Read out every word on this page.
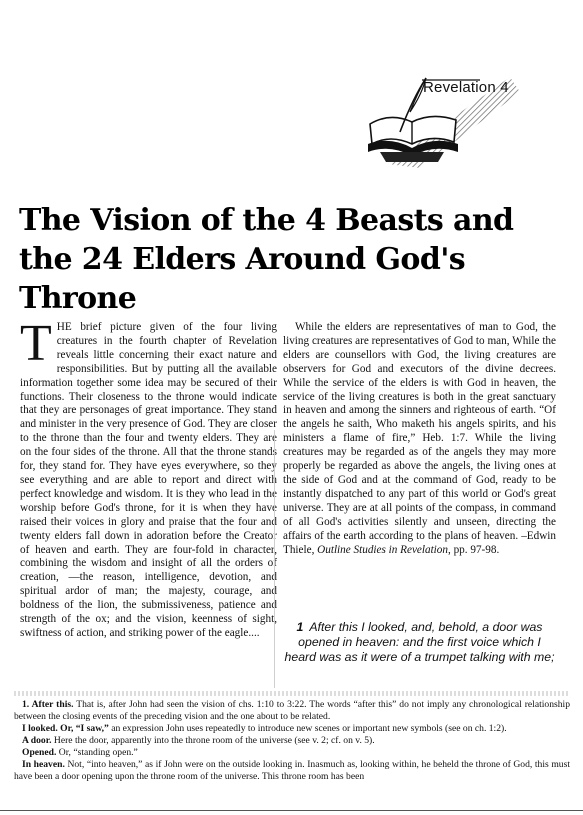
Revelation 4
The Vision of the 4 Beasts and the 24 Elders Around God's Throne

THE brief picture given of the four living creatures in the fourth chapter of Revelation reveals little concerning their exact nature and responsibilities. But by putting all the available information together some idea may be secured of their functions. Their closeness to the throne would indicate that they are personages of great importance. They stand and minister in the very presence of God. They are closer to the throne than the four and twenty elders. They are on the four sides of the throne. All that the throne stands for, they stand for. They have eyes everywhere, so they see everything and are able to report and direct with perfect knowledge and wisdom. It is they who lead in the worship before God's throne, for it is when they have raised their voices in glory and praise that the four and twenty elders fall down in adoration before the Creator of heaven and earth. They are four-fold in character, combining the wisdom and insight of all the orders of creation, —the reason, intelligence, devotion, and spiritual ardor of man; the majesty, courage, and boldness of the lion, the submissiveness, patience and strength of the ox; and the vision, keenness of sight, swiftness of action, and striking power of the eagle....

While the elders are representatives of man to God, the living creatures are representatives of God to man, While the elders are counsellors with God, the living creatures are observers for God and executors of the divine decrees. While the service of the elders is with God in heaven, the service of the living creatures is both in the great sanctuary in heaven and among the sinners and righteous of earth. “Of the angels he saith, Who maketh his angels spirits, and his ministers a flame of fire,” Heb. 1:7. While the living creatures may be regarded as of the angels they may more properly be regarded as above the angels, the living ones at the side of God and at the command of God, ready to be instantly dispatched to any part of this world or God's great universe. They are at all points of the compass, in command of all God's activities silently and unseen, directing the affairs of the earth according to the plans of heaven. –Edwin Thiele, Outline Studies in Revelation, pp. 97-98.

1 After this I looked, and, behold, a door was opened in heaven: and the first voice which I heard was as it were of a trumpet talking with me;

1. After this. That is, after John had seen the vision of chs. 1:10 to 3:22. The words “after this” do not imply any chronological relationship between the closing events of the preceding vision and the one about to be related.

I looked. Or, “I saw,” an expression John uses repeatedly to introduce new scenes or important new symbols (see on ch. 1:2).

A door. Here the door, apparently into the throne room of the universe (see v. 2; cf. on v. 5).

Opened. Or, “standing open.”

In heaven. Not, “into heaven,” as if John were on the outside looking in. Inasmuch as, looking within, he beheld the throne of God, this must have been a door opening upon the throne room of the universe. This throne room has been
